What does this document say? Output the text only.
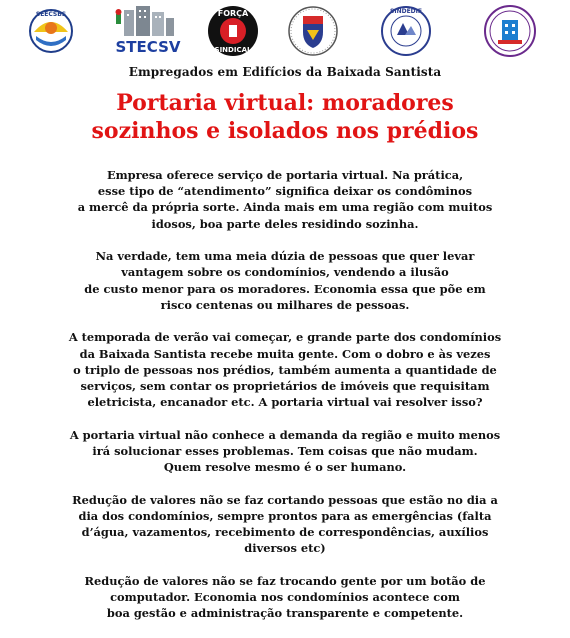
SEECSBS
STECSV
FORÇA
SINDICAL
SINDEDIF
Empregados em Edifícios da Baixada Santista
Portaria virtual: moradores
sozinhos e isolados nos prédios
Empresa oferece serviço de portaria virtual. Na prática,
esse tipo de “atendimento” significa deixar os condôminos
a mercê da própria sorte. Ainda mais em uma região com muitos
idosos, boa parte deles residindo sozinha.
Na verdade, tem uma meia dúzia de pessoas que quer levar
vantagem sobre os condomínios, vendendo a ilusão
de custo menor para os moradores. Economia essa que põe em
risco centenas ou milhares de pessoas.
A temporada de verão vai começar, e grande parte dos condomínios
da Baixada Santista recebe muita gente. Com o dobro e às vezes
o triplo de pessoas nos prédios, também aumenta a quantidade de
serviços, sem contar os proprietários de imóveis que requisitam
eletricista, encanador etc. A portaria virtual vai resolver isso?
A portaria virtual não conhece a demanda da região e muito menos
irá solucionar esses problemas. Tem coisas que não mudam.
Quem resolve mesmo é o ser humano.
Redução de valores não se faz cortando pessoas que estão no dia a
dia dos condomínios, sempre prontos para as emergências (falta
d’água, vazamentos, recebimento de correspondências, auxílios
diversos etc)
Redução de valores não se faz trocando gente por um botão de
computador. Economia nos condomínios acontece com
boa gestão e administração transparente e competente.
